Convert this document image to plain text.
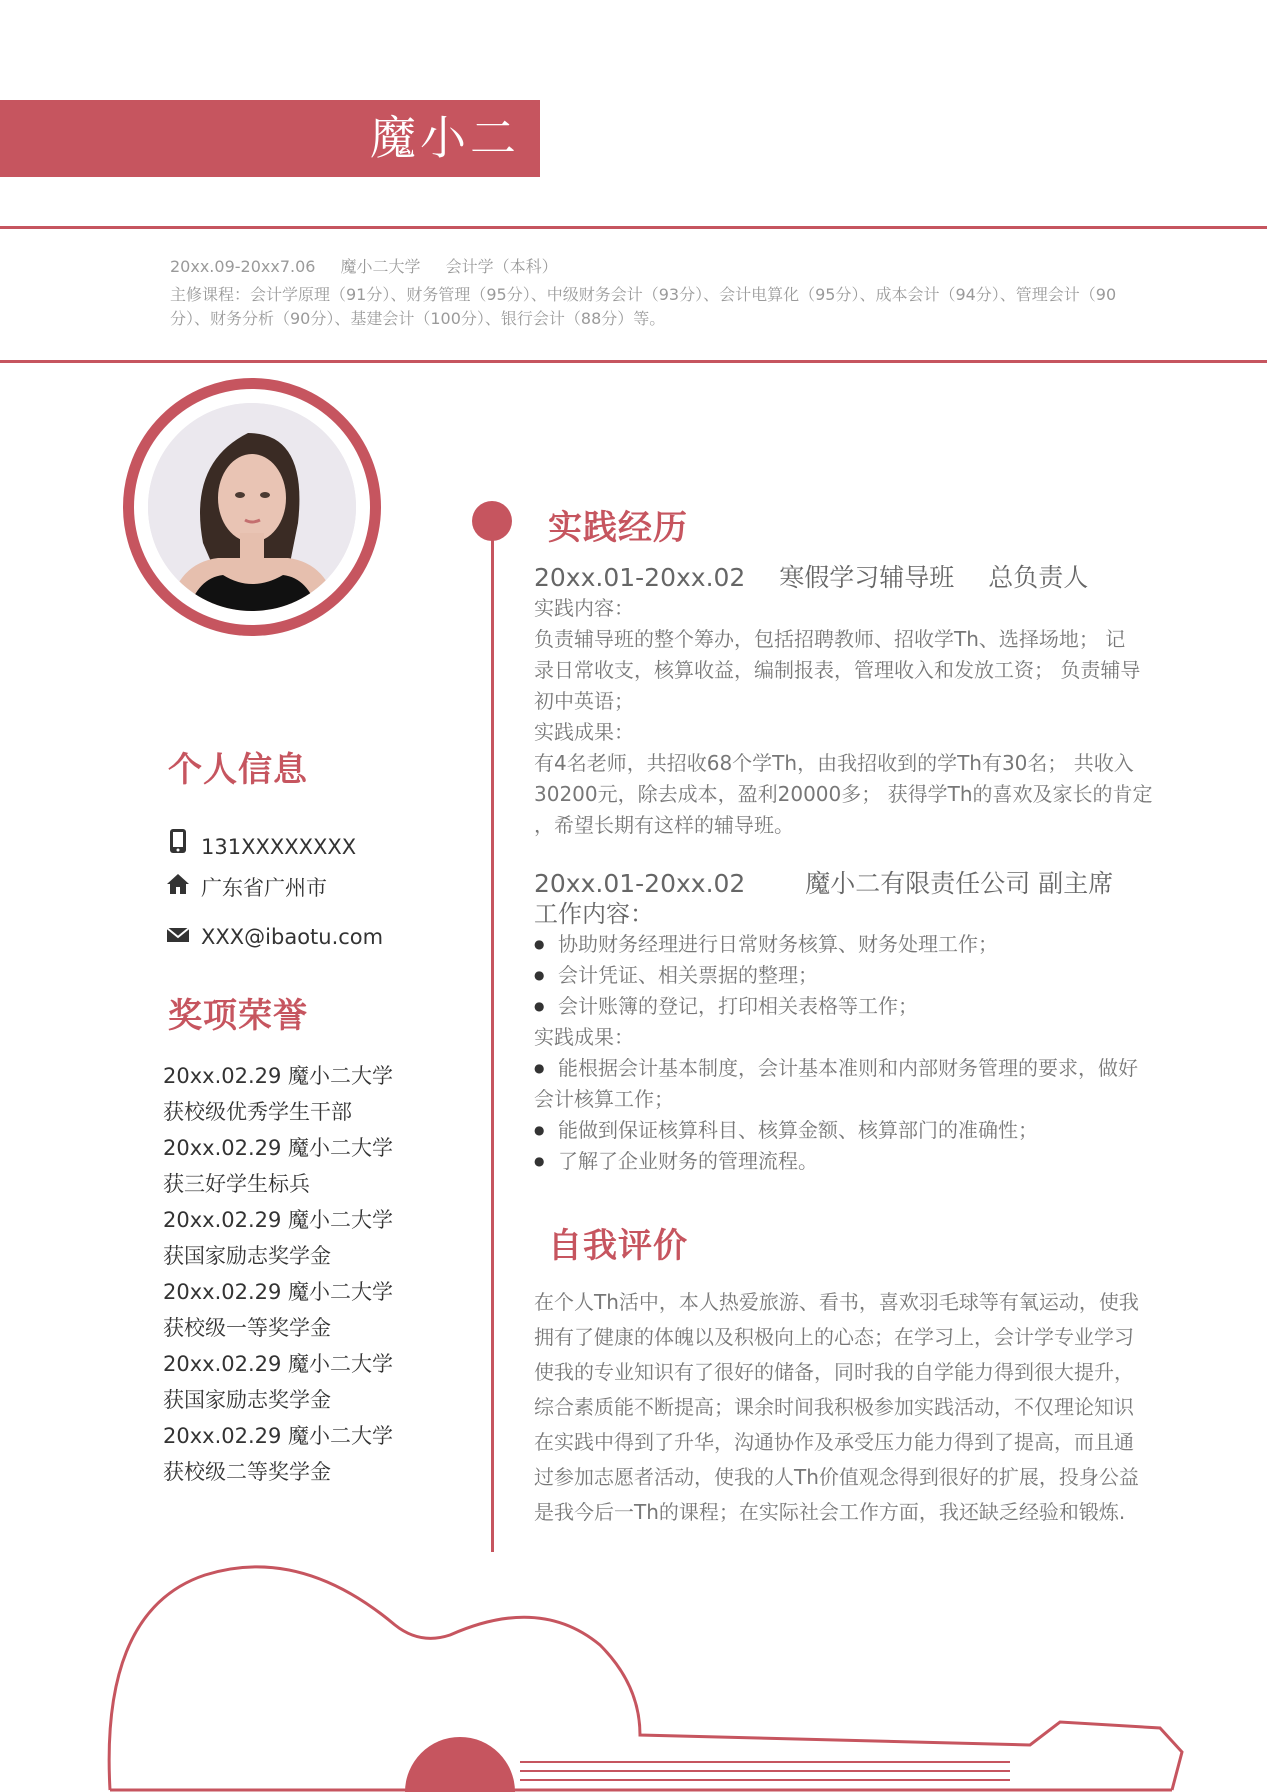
魔小二
20xx.09-20xx7.06 魔小二大学 会计学（本科）
主修课程：会计学原理（91分）、财务管理（95分）、中级财务会计（93分）、会计电算化（95分）、成本会计（94分）、管理会计（90
分）、财务分析（90分）、基建会计（100分）、银行会计（88分）等。
个人信息
131XXXXXXXX
广东省广州市
XXX@ibaotu.com
奖项荣誉
20xx.02.29 魔小二大学
获校级优秀学生干部
20xx.02.29 魔小二大学
获三好学生标兵
20xx.02.29 魔小二大学
获国家励志奖学金
20xx.02.29 魔小二大学
获校级一等奖学金
20xx.02.29 魔小二大学
获国家励志奖学金
20xx.02.29 魔小二大学
获校级二等奖学金
实践经历
20xx.01-20xx.02 寒假学习辅导班 总负责人
实践内容：
负责辅导班的整个筹办，包括招聘教师、招收学Th、选择场地； 记
录日常收支，核算收益，编制报表，管理收入和发放工资； 负责辅导
初中英语；
实践成果：
有4名老师，共招收68个学Th，由我招收到的学Th有30名； 共收入
30200元，除去成本，盈利20000多； 获得学Th的喜欢及家长的肯定
，希望长期有这样的辅导班。
20xx.01-20xx.02 魔小二有限责任公司 副主席
工作内容：
● 协助财务经理进行日常财务核算、财务处理工作；
● 会计凭证、相关票据的整理；
● 会计账簿的登记，打印相关表格等工作；
实践成果：
● 能根据会计基本制度，会计基本准则和内部财务管理的要求，做好
会计核算工作；
● 能做到保证核算科目、核算金额、核算部门的准确性；
● 了解了企业财务的管理流程。
自我评价
在个人Th活中，本人热爱旅游、看书，喜欢羽毛球等有氧运动，使我
拥有了健康的体魄以及积极向上的心态；在学习上，会计学专业学习
使我的专业知识有了很好的储备，同时我的自学能力得到很大提升，
综合素质能不断提高；课余时间我积极参加实践活动，不仅理论知识
在实践中得到了升华，沟通协作及承受压力能力得到了提高，而且通
过参加志愿者活动，使我的人Th价值观念得到很好的扩展，投身公益
是我今后一Th的课程；在实际社会工作方面，我还缺乏经验和锻炼.
